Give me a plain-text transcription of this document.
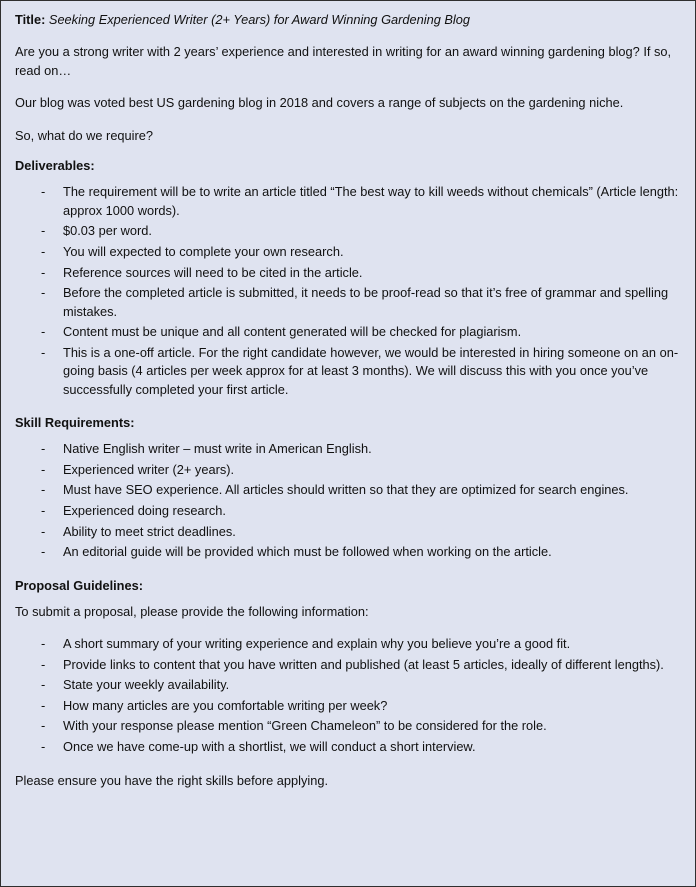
Title: Seeking Experienced Writer (2+ Years) for Award Winning Gardening Blog

Are you a strong writer with 2 years’ experience and interested in writing for an award winning gardening blog? If so, read on…

Our blog was voted best US gardening blog in 2018 and covers a range of subjects on the gardening niche.

So, what do we require?

Deliverables:

- The requirement will be to write an article titled “The best way to kill weeds without chemicals” (Article length: approx 1000 words).
- $0.03 per word.
- You will expected to complete your own research.
- Reference sources will need to be cited in the article.
- Before the completed article is submitted, it needs to be proof-read so that it’s free of grammar and spelling mistakes.
- Content must be unique and all content generated will be checked for plagiarism.
- This is a one-off article. For the right candidate however, we would be interested in hiring someone on an on-going basis (4 articles per week approx for at least 3 months). We will discuss this with you once you’ve successfully completed your first article.

Skill Requirements:

- Native English writer – must write in American English.
- Experienced writer (2+ years).
- Must have SEO experience. All articles should written so that they are optimized for search engines.
- Experienced doing research.
- Ability to meet strict deadlines.
- An editorial guide will be provided which must be followed when working on the article.

Proposal Guidelines:

To submit a proposal, please provide the following information:

- A short summary of your writing experience and explain why you believe you’re a good fit.
- Provide links to content that you have written and published (at least 5 articles, ideally of different lengths).
- State your weekly availability.
- How many articles are you comfortable writing per week?
- With your response please mention “Green Chameleon” to be considered for the role.
- Once we have come-up with a shortlist, we will conduct a short interview.

Please ensure you have the right skills before applying.
